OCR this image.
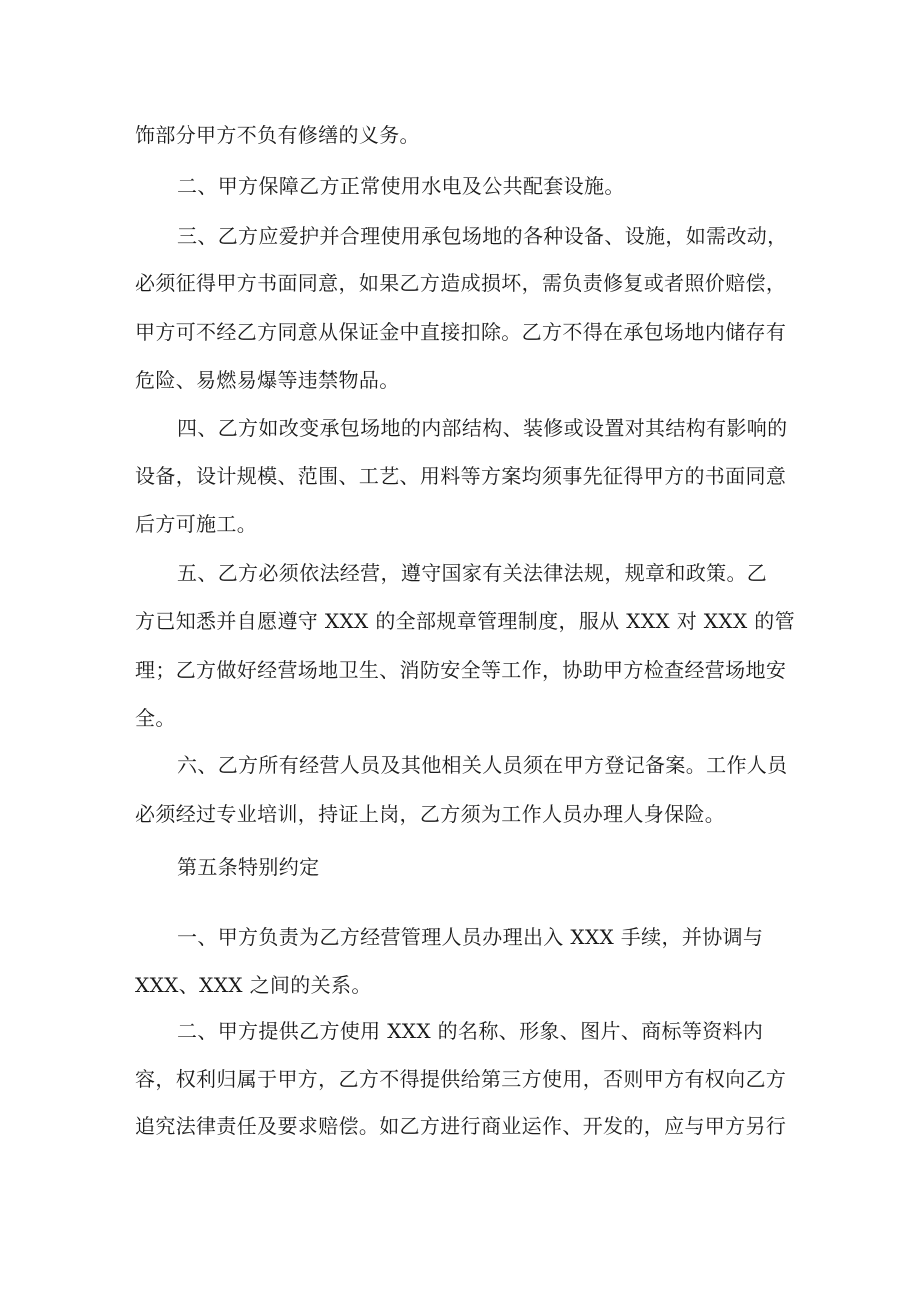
饰部分甲方不负有修缮的义务。
二、甲方保障乙方正常使用水电及公共配套设施。
三、乙方应爱护并合理使用承包场地的各种设备、设施，如需改动，
必须征得甲方书面同意，如果乙方造成损坏，需负责修复或者照价赔偿，
甲方可不经乙方同意从保证金中直接扣除。乙方不得在承包场地内储存有
危险、易燃易爆等违禁物品。
四、乙方如改变承包场地的内部结构、装修或设置对其结构有影响的
设备，设计规模、范围、工艺、用料等方案均须事先征得甲方的书面同意
后方可施工。
五、乙方必须依法经营，遵守国家有关法律法规，规章和政策。乙
方已知悉并自愿遵守 XXX 的全部规章管理制度，服从 XXX 对 XXX 的管
理；乙方做好经营场地卫生、消防安全等工作，协助甲方检查经营场地安
全。
六、乙方所有经营人员及其他相关人员须在甲方登记备案。工作人员
必须经过专业培训，持证上岗，乙方须为工作人员办理人身保险。
第五条特别约定
一、甲方负责为乙方经营管理人员办理出入 XXX 手续，并协调与
XXX、XXX 之间的关系。
二、甲方提供乙方使用 XXX 的名称、形象、图片、商标等资料内
容，权利归属于甲方，乙方不得提供给第三方使用，否则甲方有权向乙方
追究法律责任及要求赔偿。如乙方进行商业运作、开发的，应与甲方另行
